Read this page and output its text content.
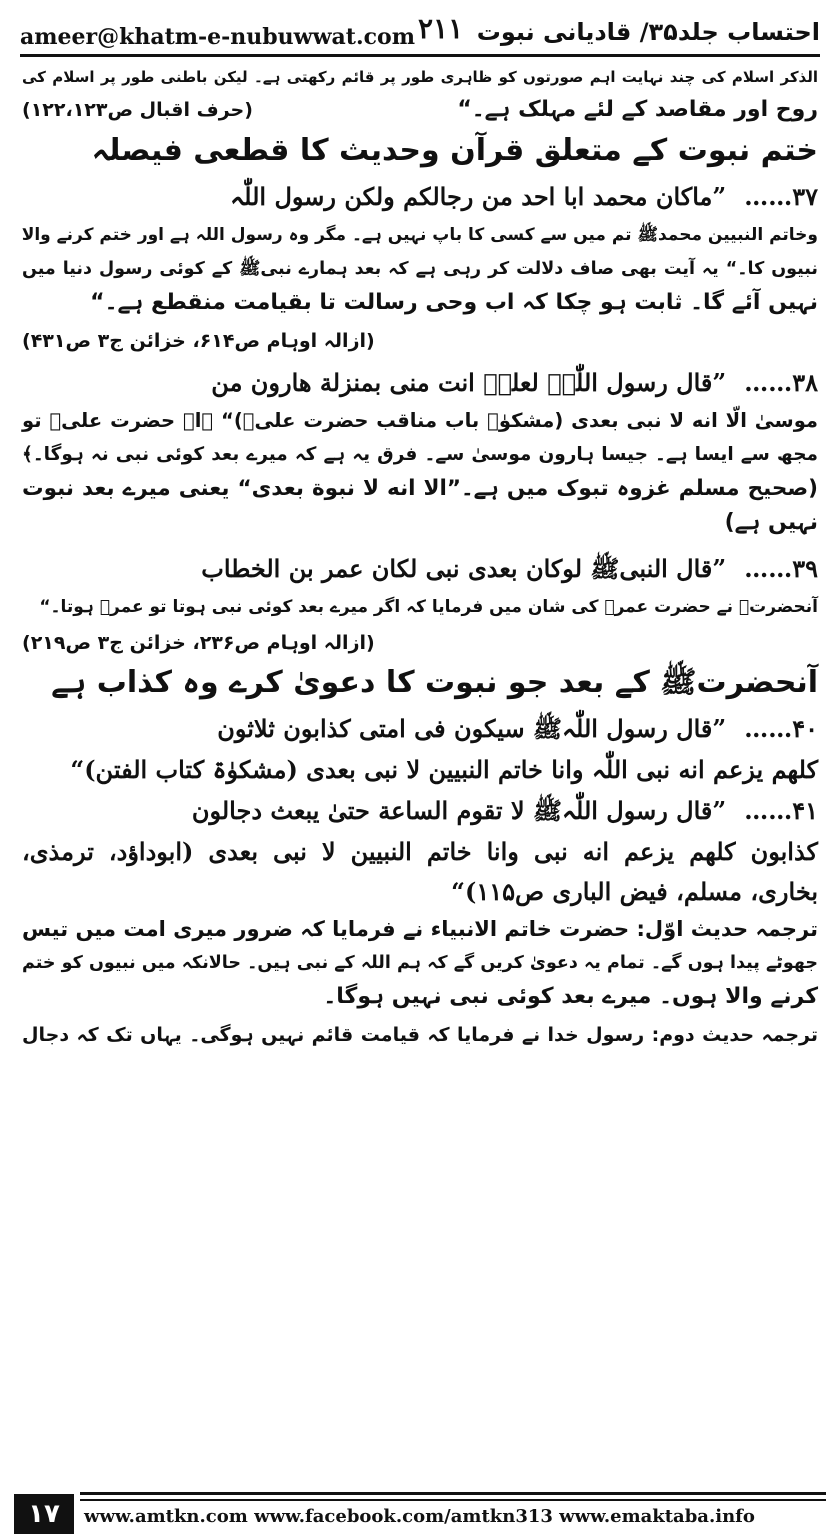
ameer@khatm-e-nubuwwat.com ۲۱۱ احتساب جلد۳۵/ قادیانی نبوت

الذکر اسلام کی چند نہایت اہم صورتوں کو ظاہری طور پر قائم رکھتی ہے۔ لیکن باطنی طور پر اسلام کی

روح اور مقاصد کے لئے مہلک ہے۔“
(حرف اقبال ص۱۲۲،۱۲۳)

ختم نبوت کے متعلق قرآن وحدیث کا قطعی فیصلہ

۳۷……
”ماکان محمد ابا احد من رجالکم ولکن رسول اللّٰہ

وخاتم النبیین محمدﷺ تم میں سے کسی کا باپ نہیں ہے۔ مگر وہ رسول اللہ ہے اور ختم کرنے والا

نبیوں کا۔“ یہ آیت بھی صاف دلالت کر رہی ہے کہ بعد ہمارے نبیﷺ کے کوئی رسول دنیا میں

نہیں آئے گا۔ ثابت ہو چکا کہ اب وحی رسالت تا بقیامت منقطع ہے۔“

(ازالہ اوہام ص۶۱۴، خزائن ج۳ ص۴۳۱)

۳۸……
”قال رسول اللّٰہﷺ لعلیؓ انت منی بمنزلة هارون من

موسیٰ الّا انه لا نبی بعدی (مشکوٰۃ باب مناقب حضرت علیؓ)“ ﴿اے حضرت علیؓ تو

مجھ سے ایسا ہے۔ جیسا ہارون موسیٰ سے۔ فرق یہ ہے کہ میرے بعد کوئی نبی نہ ہوگا۔﴾

(صحیح مسلم غزوہ تبوک میں ہے۔”الا انه لا نبوة بعدی“ یعنی میرے بعد نبوت

نہیں ہے)

۳۹……
”قال النبیﷺ لوکان بعدی نبی لکان عمر بن الخطاب

آنحضرتﷺ نے حضرت عمرؓ کی شان میں فرمایا کہ اگر میرے بعد کوئی نبی ہوتا تو عمرؓ ہوتا۔“

(ازالہ اوہام ص۲۳۶، خزائن ج۳ ص۲۱۹)

آنحضرتﷺ کے بعد جو نبوت کا دعویٰ کرے وہ کذاب ہے

۴۰……
”قال رسول اللّٰہﷺ سیکون فی امتی کذابون ثلاثون

کلهم یزعم انه نبی اللّٰہ وانا خاتم النبیین لا نبی بعدی (مشکوٰۃ کتاب الفتن)“

۴۱……
”قال رسول اللّٰہﷺ لا تقوم الساعة حتیٰ یبعث دجالون

کذابون کلهم یزعم انه نبی وانا خاتم النبیین لا نبی بعدی (ابوداؤد، ترمذی،

بخاری، مسلم، فیض الباری ص۱۱۵)“

ترجمہ حدیث اوّل: حضرت خاتم الانبیاء نے فرمایا کہ ضرور میری امت میں تیس

جھوٹے پیدا ہوں گے۔ تمام یہ دعویٰ کریں گے کہ ہم اللہ کے نبی ہیں۔ حالانکہ میں نبیوں کو ختم

کرنے والا ہوں۔ میرے بعد کوئی نبی نہیں ہوگا۔

ترجمہ حدیث دوم: رسول خدا نے فرمایا کہ قیامت قائم نہیں ہوگی۔ یہاں تک کہ دجال

۱۷	www.amtkn.com www.facebook.com/amtkn313 www.emaktaba.info
